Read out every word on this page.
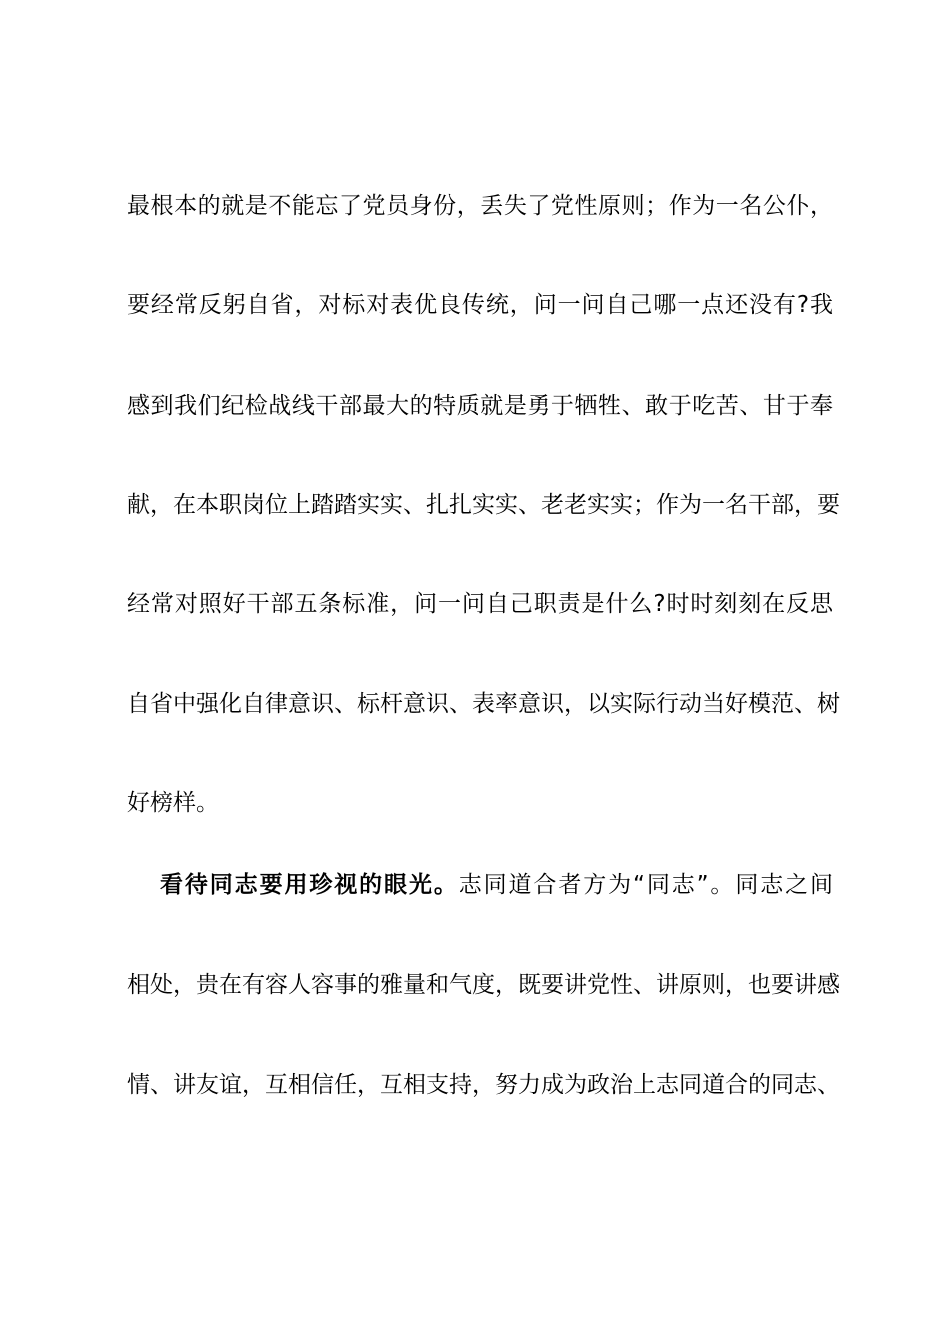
最根本的就是不能忘了党员身份，丢失了党性原则；作为一名公仆，
要经常反躬自省，对标对表优良传统，问一问自己哪一点还没有?我
感到我们纪检战线干部最大的特质就是勇于牺牲、敢于吃苦、甘于奉
献，在本职岗位上踏踏实实、扎扎实实、老老实实；作为一名干部，要
经常对照好干部五条标准，问一问自己职责是什么?时时刻刻在反思
自省中强化自律意识、标杆意识、表率意识，以实际行动当好模范、树
好榜样。
看待同志要用珍视的眼光。志同道合者方为“同志”。同志之间
相处，贵在有容人容事的雅量和气度，既要讲党性、讲原则，也要讲感
情、讲友谊，互相信任，互相支持，努力成为政治上志同道合的同志、
